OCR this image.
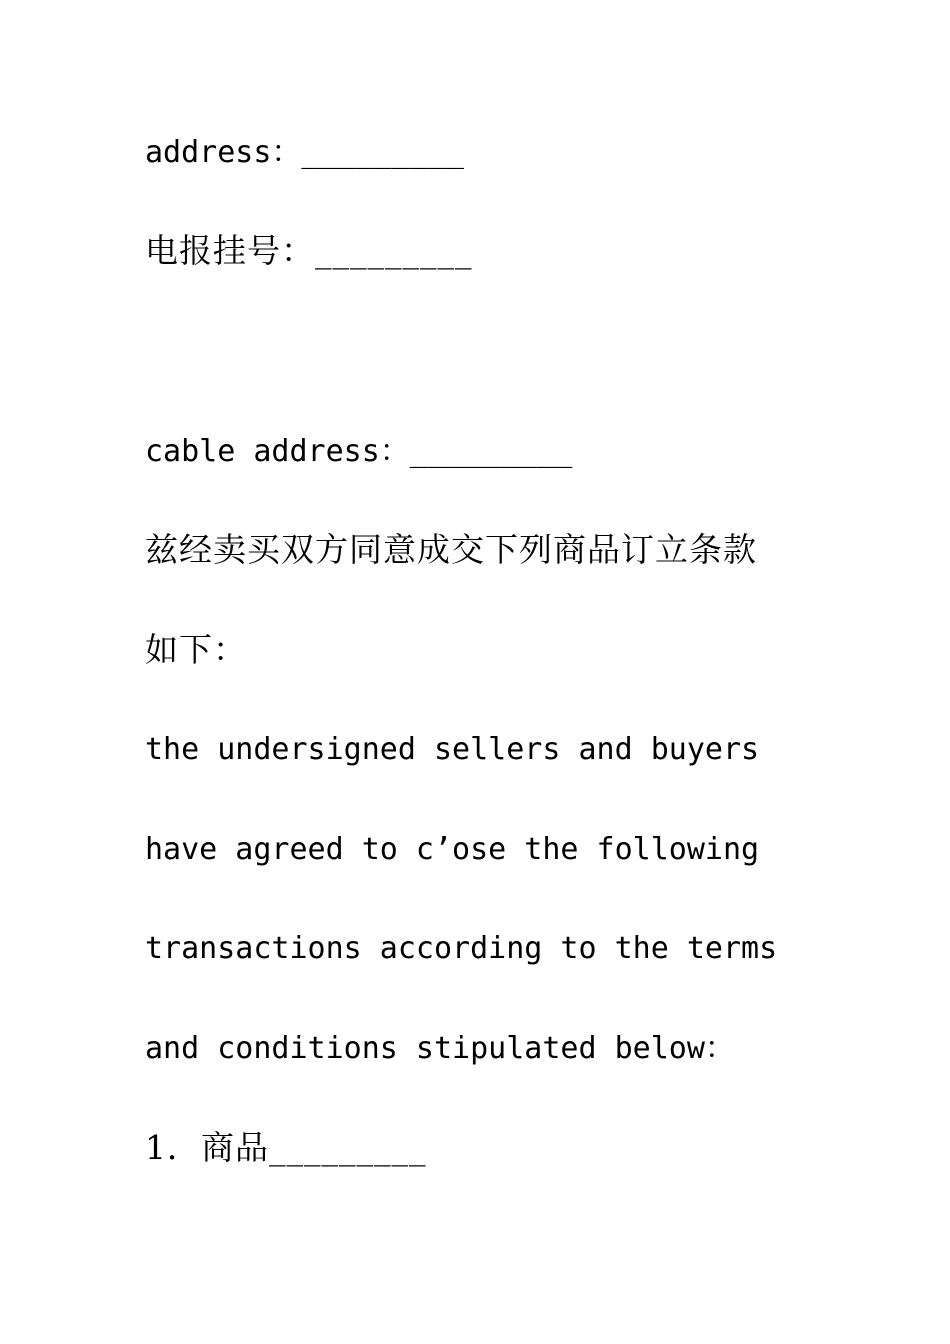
address：_________
电报挂号：_________
cable address：_________
兹经卖买双方同意成交下列商品订立条款
如下：
the undersigned sellers and buyers
have agreed to c’ose the following
transactions according to the terms
and conditions stipulated below：
1．商品_________
